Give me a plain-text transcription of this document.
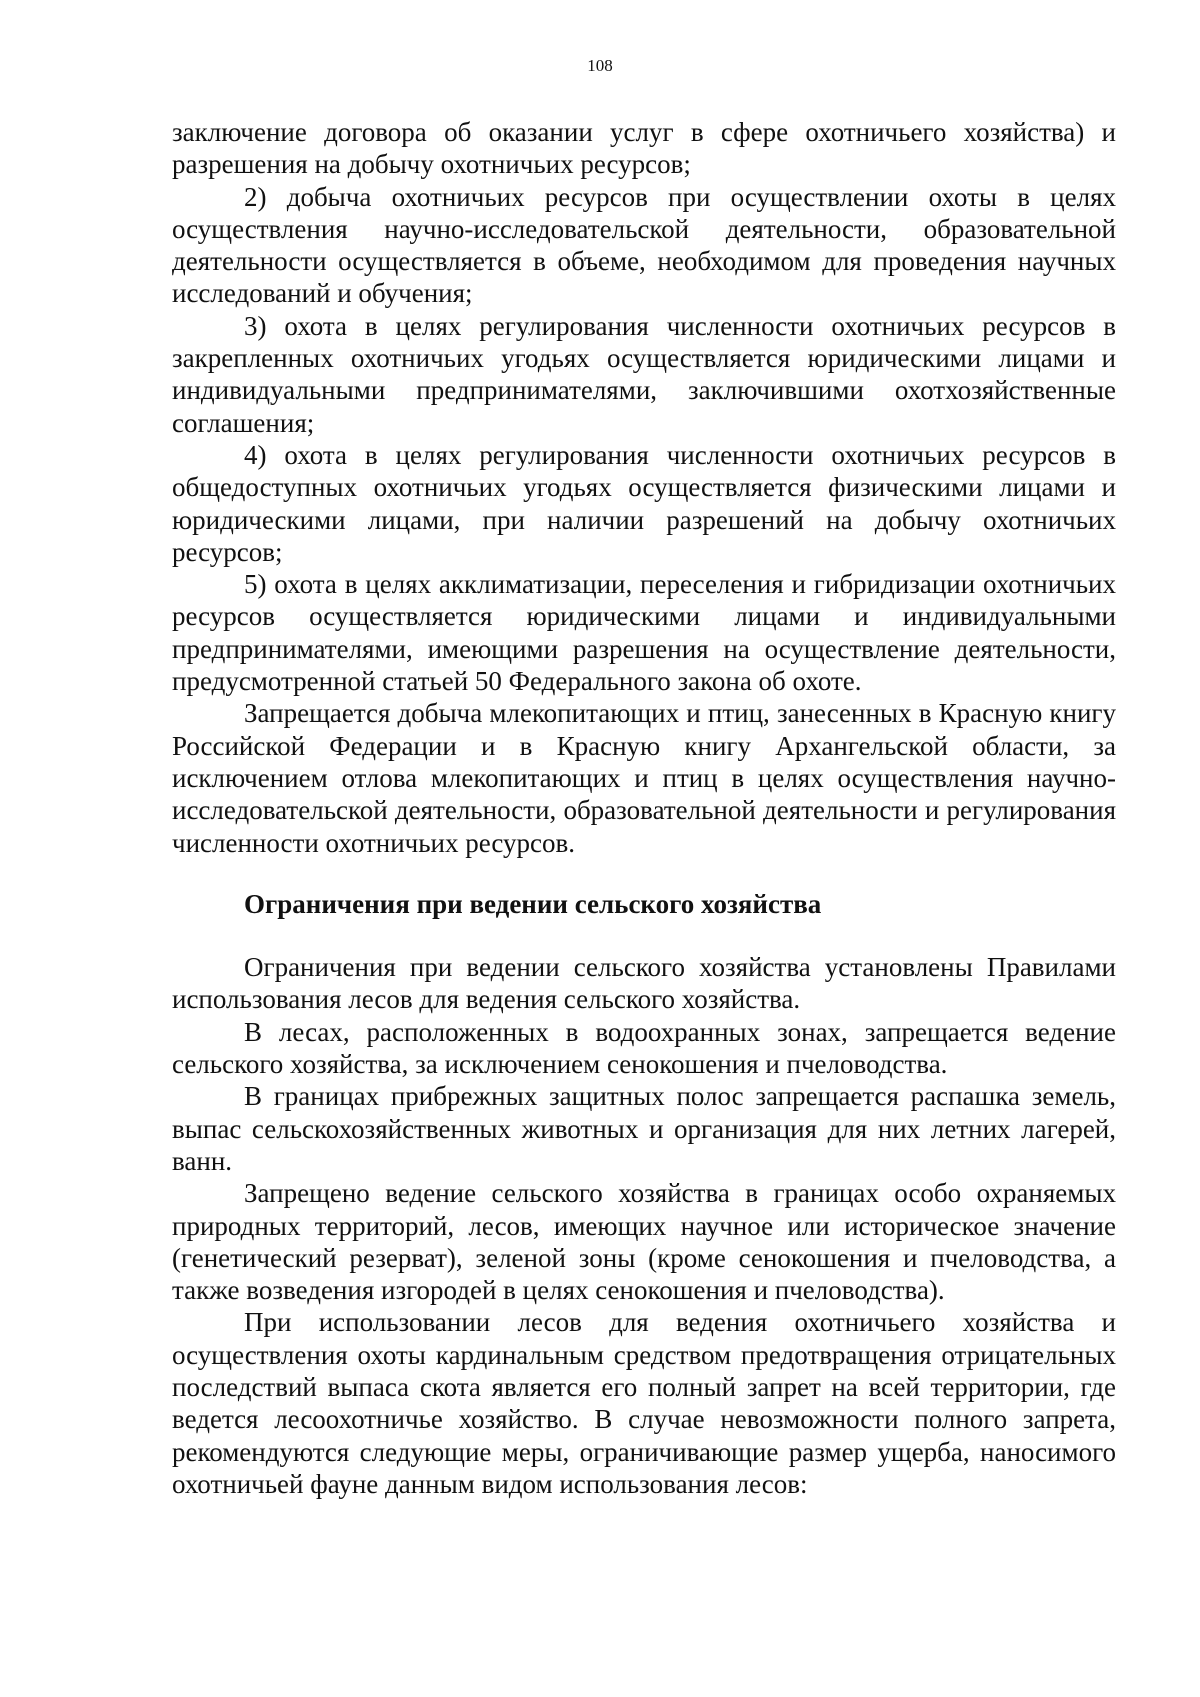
108

заключение договора об оказании услуг в сфере охотничьего хозяйства) и разрешения на добычу охотничьих ресурсов;

2) добыча охотничьих ресурсов при осуществлении охоты в целях осуществления научно-исследовательской деятельности, образовательной деятельности осуществляется в объеме, необходимом для проведения научных исследований и обучения;

3) охота в целях регулирования численности охотничьих ресурсов в закрепленных охотничьих угодьях осуществляется юридическими лицами и индивидуальными предпринимателями, заключившими охотхозяйственные соглашения;

4) охота в целях регулирования численности охотничьих ресурсов в общедоступных охотничьих угодьях осуществляется физическими лицами и юридическими лицами, при наличии разрешений на добычу охотничьих ресурсов;

5) охота в целях акклиматизации, переселения и гибридизации охотничьих ресурсов осуществляется юридическими лицами и индивидуальными предпринимателями, имеющими разрешения на осуществление деятельности, предусмотренной статьей 50 Федерального закона об охоте.

Запрещается добыча млекопитающих и птиц, занесенных в Красную книгу Российской Федерации и в Красную книгу Архангельской области, за исключением отлова млекопитающих и птиц в целях осуществления научно-исследовательской деятельности, образовательной деятельности и регулирования численности охотничьих ресурсов.

Ограничения при ведении сельского хозяйства

Ограничения при ведении сельского хозяйства установлены Правилами использования лесов для ведения сельского хозяйства.

В лесах, расположенных в водоохранных зонах, запрещается ведение сельского хозяйства, за исключением сенокошения и пчеловодства.

В границах прибрежных защитных полос запрещается распашка земель, выпас сельскохозяйственных животных и организация для них летних лагерей, ванн.

Запрещено ведение сельского хозяйства в границах особо охраняемых природных территорий, лесов, имеющих научное или историческое значение (генетический резерват), зеленой зоны (кроме сенокошения и пчеловодства, а также возведения изгородей в целях сенокошения и пчеловодства).

При использовании лесов для ведения охотничьего хозяйства и осуществления охоты кардинальным средством предотвращения отрицательных последствий выпаса скота является его полный запрет на всей территории, где ведется лесоохотничье хозяйство. В случае невозможности полного запрета, рекомендуются следующие меры, ограничивающие размер ущерба, наносимого охотничьей фауне данным видом использования лесов:
